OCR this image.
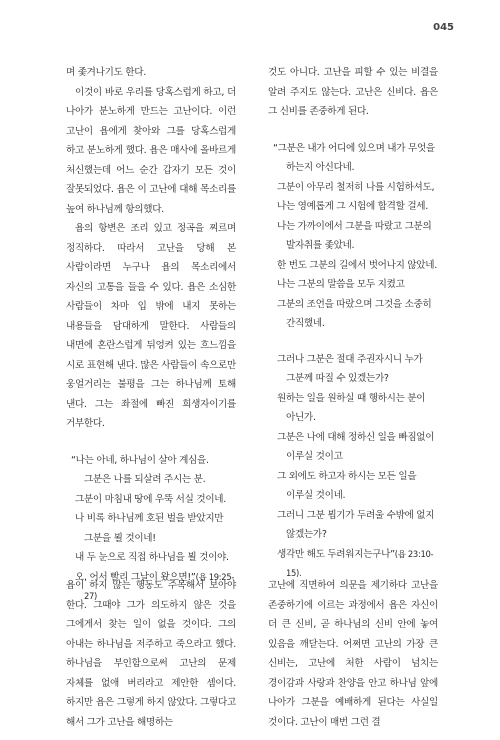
045

며 좇겨나기도 한다.

이것이 바로 우리를 당혹스럽게 하고, 더 나아가 분노하게 만드는 고난이다. 이런 고난이 욥에게 찾아와 그를 당혹스럽게 하고 분노하게 했다. 욥은 매사에 올바르게 처신했는데 어느 순간 갑자기 모든 것이 잘못되었다. 욥은 이 고난에 대해 목소리를 높여 하나님께 항의했다.

욥의 항변은 조리 있고 정곡을 찌르며 정직하다. 따라서 고난을 당해 본 사람이라면 누구나 욥의 목소리에서 자신의 고통을 들을 수 있다. 욥은 소심한 사람들이 차마 입 밖에 내지 못하는 내용들을 담대하게 말한다. 사람들의 내면에 혼란스럽게 뒤엉켜 있는 흐느낌을 시로 표현해 낸다. 많은 사람들이 속으로만 웅얼거리는 불평을 그는 하나님께 토해 낸다. 그는 좌절에 빠진 희생자이기를 거부한다.

“나는 아네, 하나님이 살아 계심을. 그분은 나를 되살려 주시는 분.

그분이 마침내 땅에 우뚝 서실 것이네.

나 비록 하나님께 호된 벌을 받았지만 그분을 뵐 것이네!

내 두 눈으로 직접 하나님을 뵐 것이야.

오, 어서 빨리 그날이 왔으면!”(욥 19:25-27)

욥이 하지 않는 행동도 주목해서 보아야 한다. 그때야 그가 의도하지 않은 것을 그에게서 찾는 일이 없을 것이다. 그의 아내는 하나님을 저주하고 죽으라고 했다. 하나님을 부인함으로써 고난의 문제 자체를 없애 버리라고 제안한 셈이다. 하지만 욥은 그렇게 하지 않았다. 그렇다고 해서 그가 고난을 해명하는

것도 아니다. 고난을 피할 수 있는 비결을 알려 주지도 않는다. 고난은 신비다. 욥은 그 신비를 존중하게 된다.

“그분은 내가 어디에 있으며 내가 무엇을 하는지 아신다네.

그분이 아무리 철저히 나를 시험하셔도,

나는 영예롭게 그 시험에 합격할 걸세.

나는 가까이에서 그분을 따랐고 그분의 발자취를 좇았네.

한 번도 그분의 길에서 벗어나지 않았네.

나는 그분의 말씀을 모두 지켰고

그분의 조언을 따랐으며 그것을 소중히 간직했네.

그러나 그분은 절대 주권자시니 누가 그분께 따질 수 있겠는가?

원하는 일을 원하실 때 행하시는 분이 아닌가.

그분은 나에 대해 정하신 일을 빠짐없이 이루실 것이고

그 외에도 하고자 하시는 모든 일을 이루실 것이네.

그러니 그분 뵙기가 두려울 수밖에 없지 않겠는가?

생각만 해도 두려워지는구나”(욥 23:10-15).

고난에 직면하여 의문을 제기하다 고난을 존중하기에 이르는 과정에서 욥은 자신이 더 큰 신비, 곧 하나님의 신비 안에 놓여 있음을 깨닫는다. 어쩌면 고난의 가장 큰 신비는, 고난에 처한 사람이 넘치는 경이감과 사랑과 찬양을 안고 하나님 앞에 나아가 그분을 예배하게 된다는 사실일 것이다. 고난이 매번 그런 결
